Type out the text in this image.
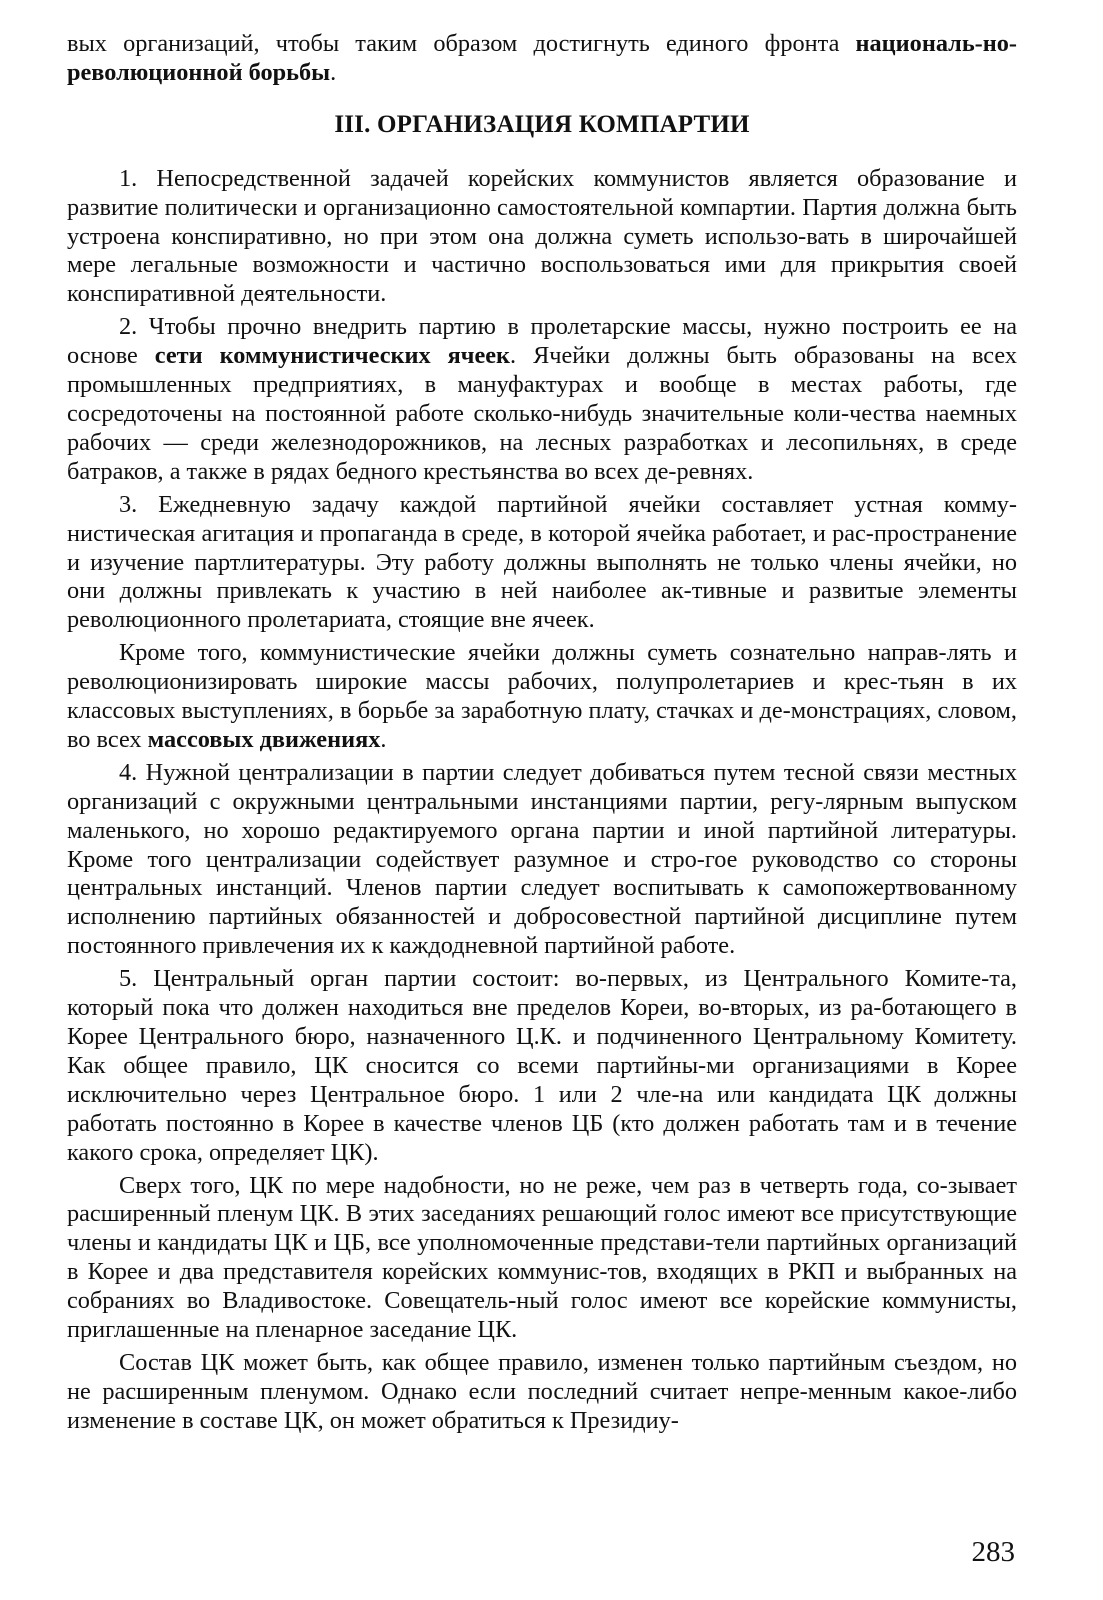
вых организаций, чтобы таким образом достигнуть единого фронта националь-но-революционной борьбы.

III. ОРГАНИЗАЦИЯ КОМПАРТИИ

1. Непосредственной задачей корейских коммунистов является образование и развитие политически и организационно самостоятельной компартии. Партия должна быть устроена конспиративно, но при этом она должна суметь использо-вать в широчайшей мере легальные возможности и частично воспользоваться ими для прикрытия своей конспиративной деятельности.

2. Чтобы прочно внедрить партию в пролетарские массы, нужно построить ее на основе сети коммунистических ячеек. Ячейки должны быть образованы на всех промышленных предприятиях, в мануфактурах и вообще в местах работы, где сосредоточены на постоянной работе сколько-нибудь значительные коли-чества наемных рабочих — среди железнодорожников, на лесных разработках и лесопильнях, в среде батраков, а также в рядах бедного крестьянства во всех де-ревнях.

3. Ежедневную задачу каждой партийной ячейки составляет устная комму-нистическая агитация и пропаганда в среде, в которой ячейка работает, и рас-пространение и изучение партлитературы. Эту работу должны выполнять не только члены ячейки, но они должны привлекать к участию в ней наиболее ак-тивные и развитые элементы революционного пролетариата, стоящие вне ячеек.

Кроме того, коммунистические ячейки должны суметь сознательно направ-лять и революционизировать широкие массы рабочих, полупролетариев и крес-тьян в их классовых выступлениях, в борьбе за заработную плату, стачках и де-монстрациях, словом, во всех массовых движениях.

4. Нужной централизации в партии следует добиваться путем тесной связи местных организаций с окружными центральными инстанциями партии, регу-лярным выпуском маленького, но хорошо редактируемого органа партии и иной партийной литературы. Кроме того централизации содействует разумное и стро-гое руководство со стороны центральных инстанций. Членов партии следует воспитывать к самопожертвованному исполнению партийных обязанностей и добросовестной партийной дисциплине путем постоянного привлечения их к каждодневной партийной работе.

5. Центральный орган партии состоит: во-первых, из Центрального Комите-та, который пока что должен находиться вне пределов Кореи, во-вторых, из ра-ботающего в Корее Центрального бюро, назначенного Ц.К. и подчиненного Центральному Комитету. Как общее правило, ЦК сносится со всеми партийны-ми организациями в Корее исключительно через Центральное бюро. 1 или 2 чле-на или кандидата ЦК должны работать постоянно в Корее в качестве членов ЦБ (кто должен работать там и в течение какого срока, определяет ЦК).

Сверх того, ЦК по мере надобности, но не реже, чем раз в четверть года, со-зывает расширенный пленум ЦК. В этих заседаниях решающий голос имеют все присутствующие члены и кандидаты ЦК и ЦБ, все уполномоченные представи-тели партийных организаций в Корее и два представителя корейских коммунис-тов, входящих в РКП и выбранных на собраниях во Владивостоке. Совещатель-ный голос имеют все корейские коммунисты, приглашенные на пленарное заседание ЦК.

Состав ЦК может быть, как общее правило, изменен только партийным съездом, но не расширенным пленумом. Однако если последний считает непре-менным какое-либо изменение в составе ЦК, он может обратиться к Президиу-

283
